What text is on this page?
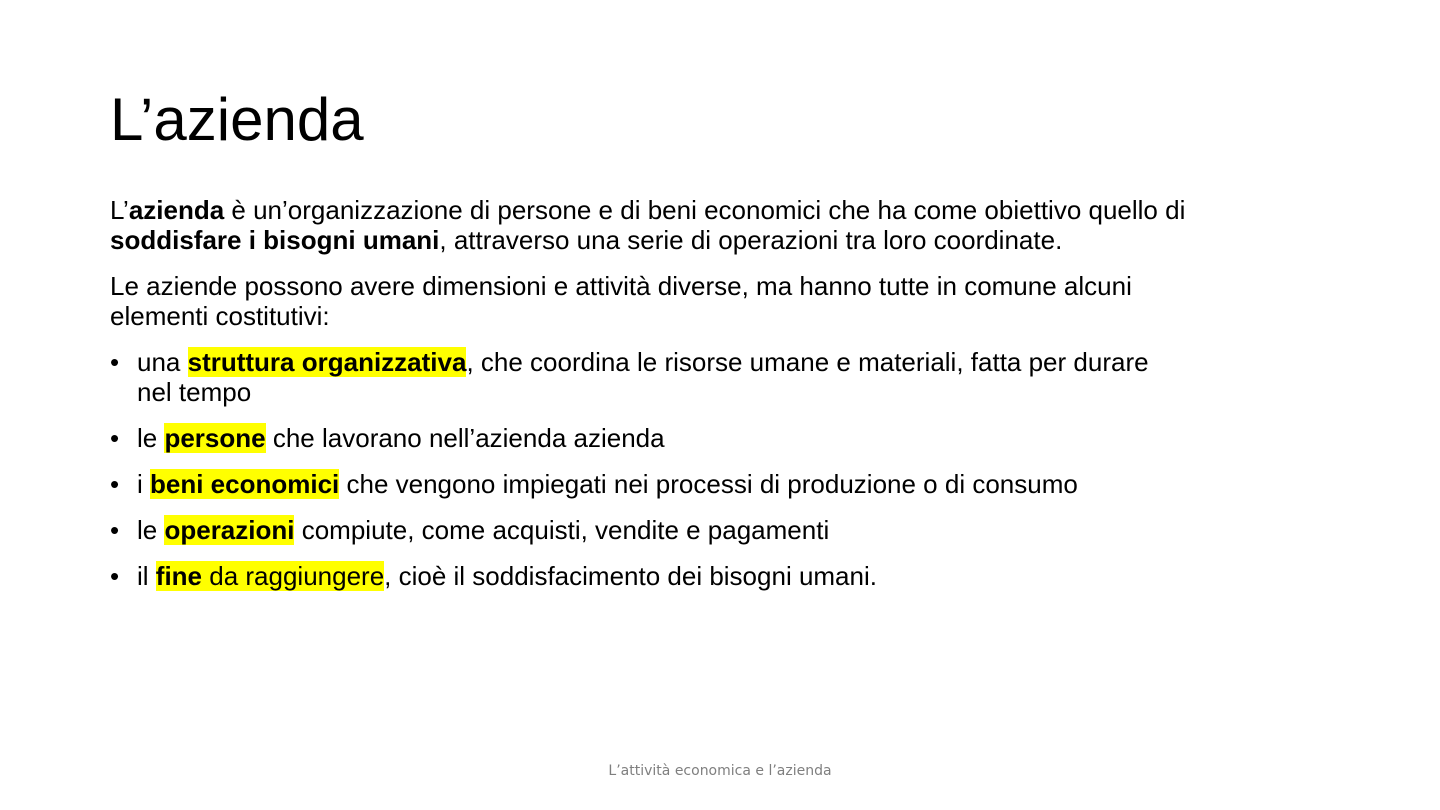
L’azienda

L’azienda è un’organizzazione di persone e di beni economici che ha come obiettivo quello di soddisfare i bisogni umani, attraverso una serie di operazioni tra loro coordinate.

Le aziende possono avere dimensioni e attività diverse, ma hanno tutte in comune alcuni elementi costitutivi:

• una struttura organizzativa, che coordina le risorse umane e materiali, fatta per durare nel tempo
• le persone che lavorano nell’azienda azienda
• i beni economici che vengono impiegati nei processi di produzione o di consumo
• le operazioni compiute, come acquisti, vendite e pagamenti
• il fine da raggiungere, cioè il soddisfacimento dei bisogni umani.
L’attività economica e l’azienda
